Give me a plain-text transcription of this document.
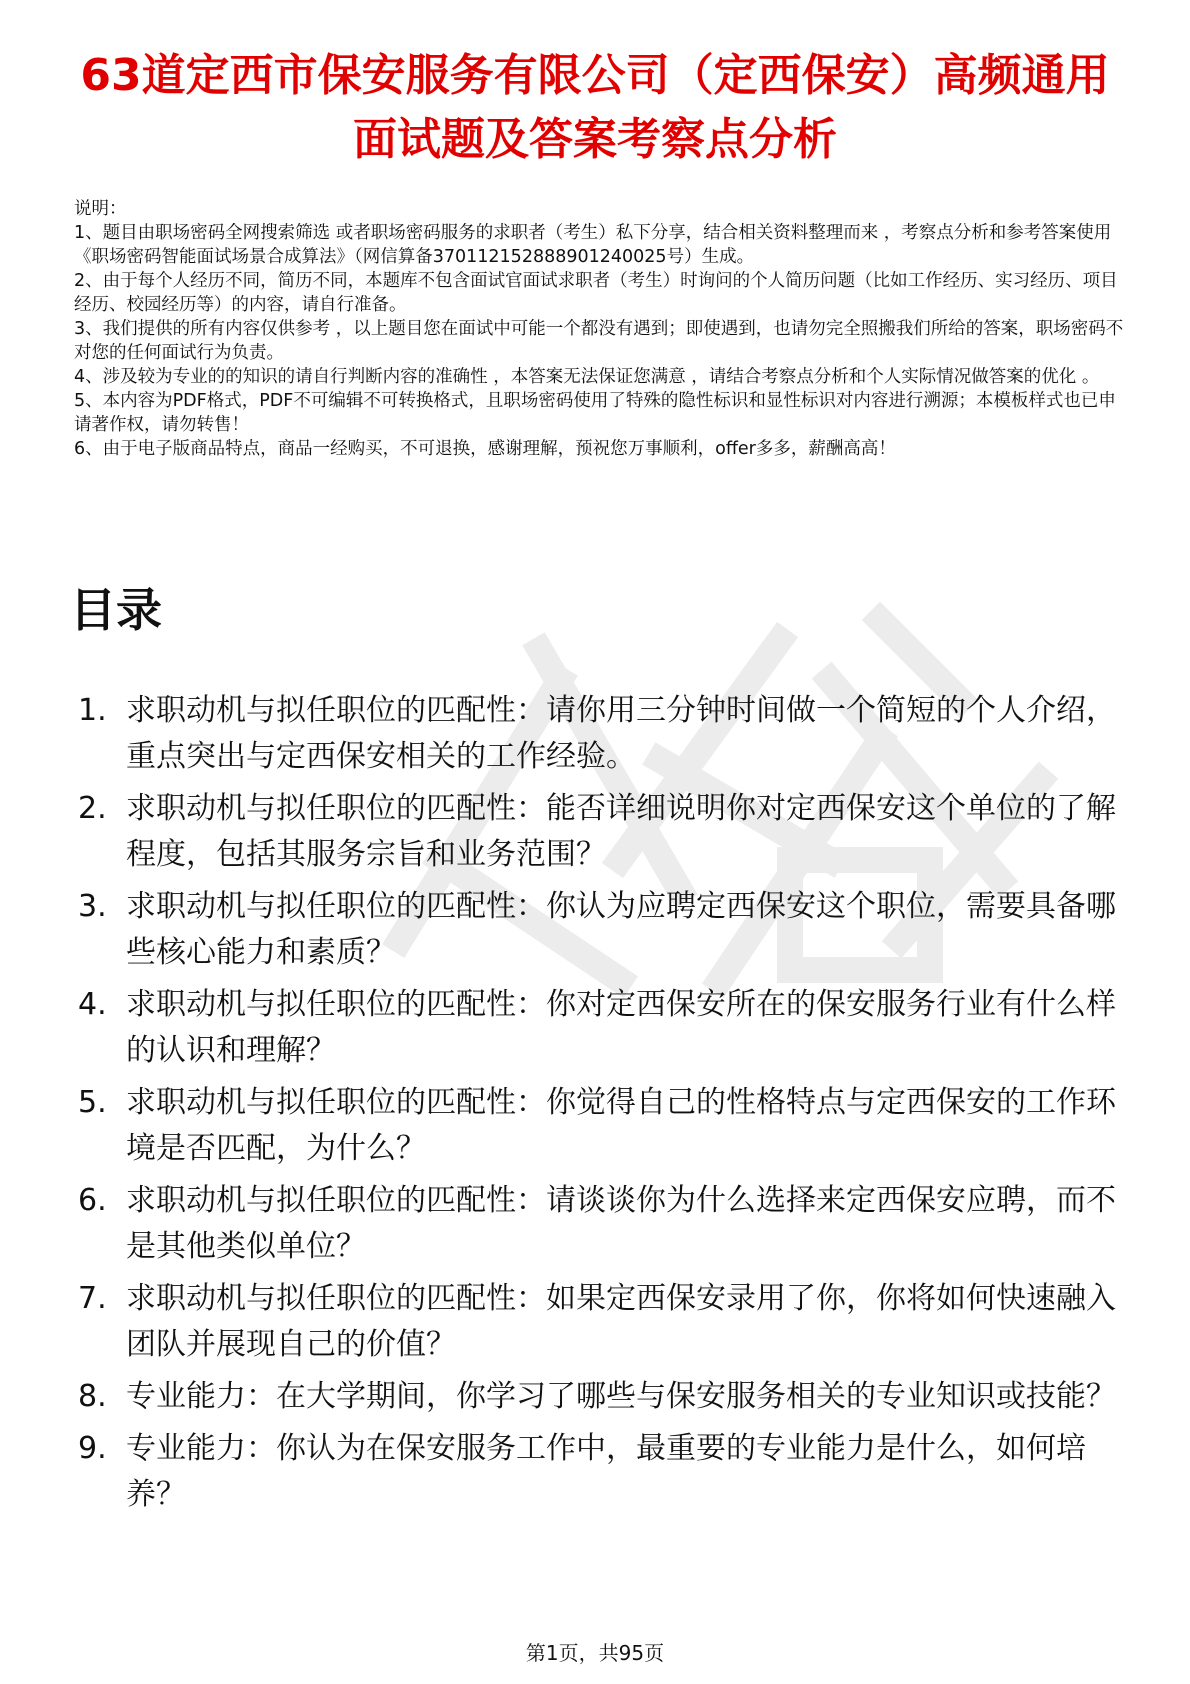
63道定西市保安服务有限公司（定西保安）高频通用面试题及答案考察点分析

说明：

1、题目由职场密码全网搜索筛选 或者职场密码服务的求职者（考生）私下分享，结合相关资料整理而来 ，考察点分析和参考答案使用《职场密码智能面试场景合成算法》（网信算备370112152888901240025号）生成。

2、由于每个人经历不同，简历不同，本题库不包含面试官面试求职者（考生）时询问的个人简历问题（比如工作经历、实习经历、项目经历、校园经历等）的内容，请自行准备。

3、我们提供的所有内容仅供参考 ，以上题目您在面试中可能一个都没有遇到；即使遇到，也请勿完全照搬我们所给的答案，职场密码不对您的任何面试行为负责。

4、涉及较为专业的的知识的请自行判断内容的准确性 ，本答案无法保证您满意 ，请结合考察点分析和个人实际情况做答案的优化 。

5、本内容为PDF格式，PDF不可编辑不可转换格式，且职场密码使用了特殊的隐性标识和显性标识对内容进行溯源；本模板样式也已申请著作权，请勿转售！

6、由于电子版商品特点，商品一经购买，不可退换，感谢理解，预祝您万事顺利，offer多多，薪酬高高！

目录
1. 求职动机与拟任职位的匹配性：请你用三分钟时间做一个简短的个人介绍，重点突出与定西保安相关的工作经验。
2. 求职动机与拟任职位的匹配性：能否详细说明你对定西保安这个单位的了解程度，包括其服务宗旨和业务范围？
3. 求职动机与拟任职位的匹配性：你认为应聘定西保安这个职位，需要具备哪些核心能力和素质？
4. 求职动机与拟任职位的匹配性：你对定西保安所在的保安服务行业有什么样的认识和理解？
5. 求职动机与拟任职位的匹配性：你觉得自己的性格特点与定西保安的工作环境是否匹配，为什么？
6. 求职动机与拟任职位的匹配性：请谈谈你为什么选择来定西保安应聘，而不是其他类似单位？
7. 求职动机与拟任职位的匹配性：如果定西保安录用了你，你将如何快速融入团队并展现自己的价值？
8. 专业能力：在大学期间，你学习了哪些与保安服务相关的专业知识或技能？
9. 专业能力：你认为在保安服务工作中，最重要的专业能力是什么，如何培养？
第1页，共95页
